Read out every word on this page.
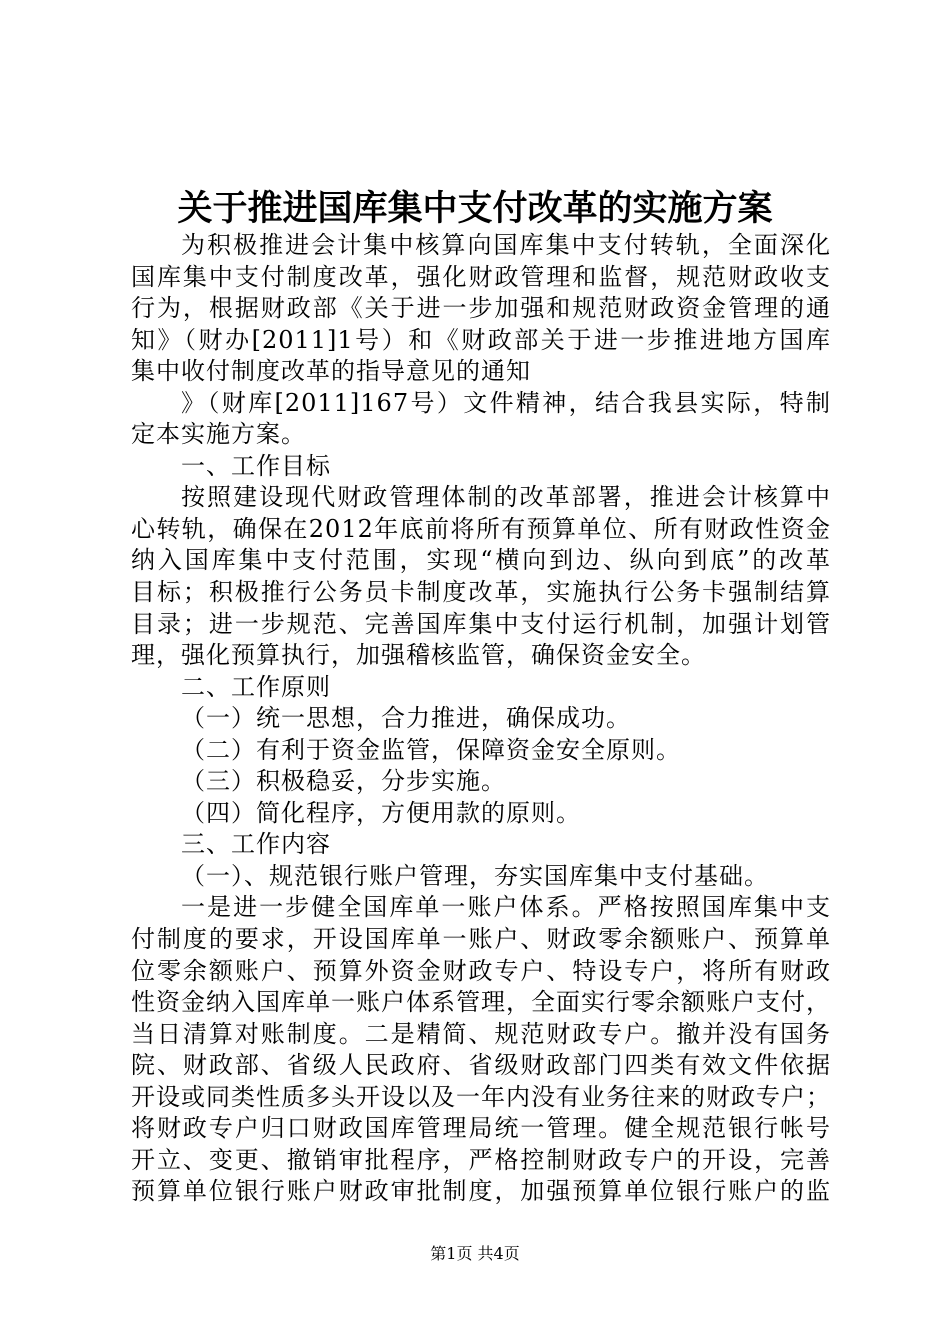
关于推进国库集中支付改革的实施方案
为积极推进会计集中核算向国库集中支付转轨，全面深化
国库集中支付制度改革，强化财政管理和监督，规范财政收支
行为，根据财政部《关于进一步加强和规范财政资金管理的通
知》（财办[2011]1号）和《财政部关于进一步推进地方国库
集中收付制度改革的指导意见的通知
》（财库[2011]167号）文件精神，结合我县实际，特制
定本实施方案。
一、工作目标
按照建设现代财政管理体制的改革部署，推进会计核算中
心转轨，确保在2012年底前将所有预算单位、所有财政性资金
纳入国库集中支付范围，实现“横向到边、纵向到底”的改革
目标；积极推行公务员卡制度改革，实施执行公务卡强制结算
目录；进一步规范、完善国库集中支付运行机制，加强计划管
理，强化预算执行，加强稽核监管，确保资金安全。
二、工作原则
（一）统一思想，合力推进，确保成功。
（二）有利于资金监管，保障资金安全原则。
（三）积极稳妥，分步实施。
（四）简化程序，方便用款的原则。
三、工作内容
（一）、规范银行账户管理，夯实国库集中支付基础。
一是进一步健全国库单一账户体系。严格按照国库集中支
付制度的要求，开设国库单一账户、财政零余额账户、预算单
位零余额账户、预算外资金财政专户、特设专户，将所有财政
性资金纳入国库单一账户体系管理，全面实行零余额账户支付，
当日清算对账制度。二是精简、规范财政专户。撤并没有国务
院、财政部、省级人民政府、省级财政部门四类有效文件依据
开设或同类性质多头开设以及一年内没有业务往来的财政专户；
将财政专户归口财政国库管理局统一管理。健全规范银行帐号
开立、变更、撤销审批程序，严格控制财政专户的开设，完善
预算单位银行账户财政审批制度，加强预算单位银行账户的监
第1页 共4页
